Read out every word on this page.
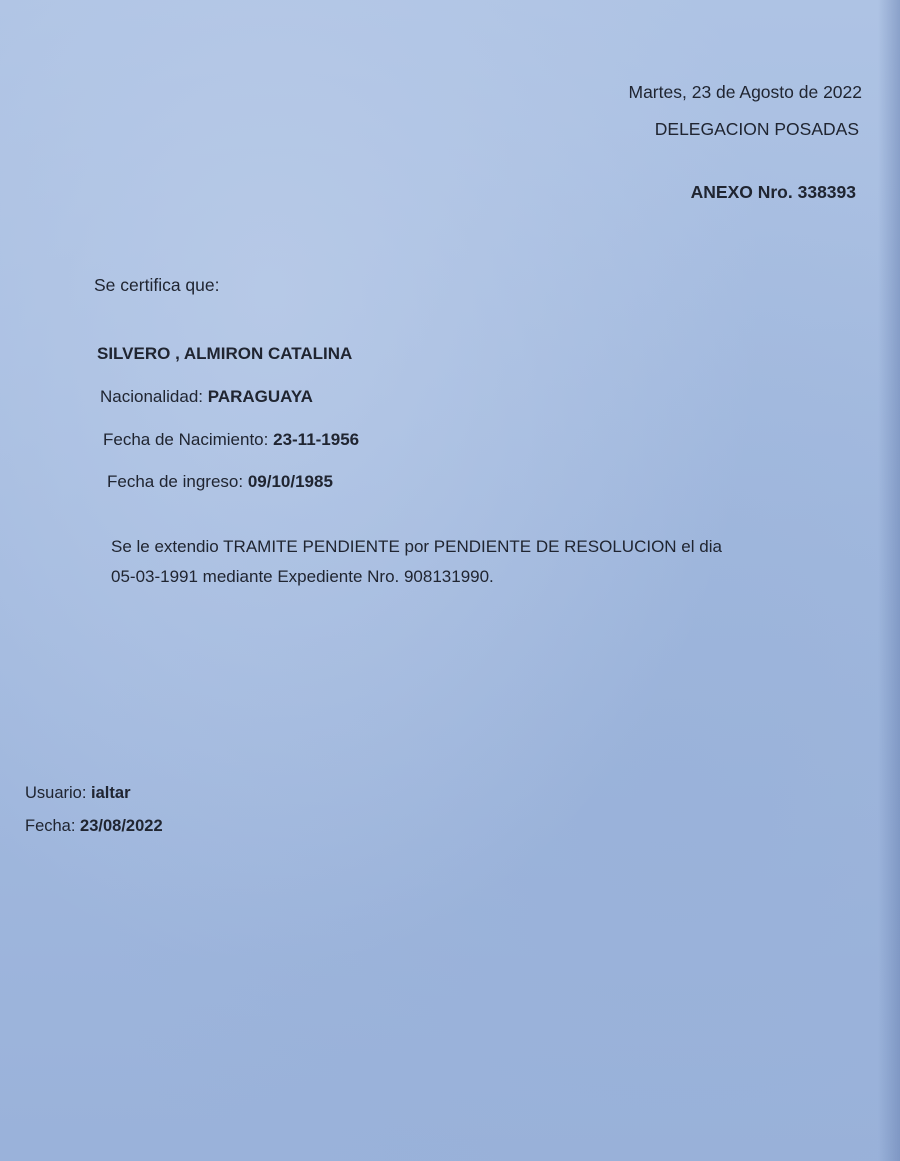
Martes, 23 de Agosto de 2022
DELEGACION POSADAS
ANEXO Nro. 338393
Se certifica que:
SILVERO , ALMIRON CATALINA
Nacionalidad: PARAGUAYA
Fecha de Nacimiento: 23-11-1956
Fecha de ingreso: 09/10/1985
Se le extendio TRAMITE PENDIENTE por PENDIENTE DE RESOLUCION el dia
05-03-1991 mediante Expediente Nro. 908131990.
Usuario: ialtar
Fecha: 23/08/2022
